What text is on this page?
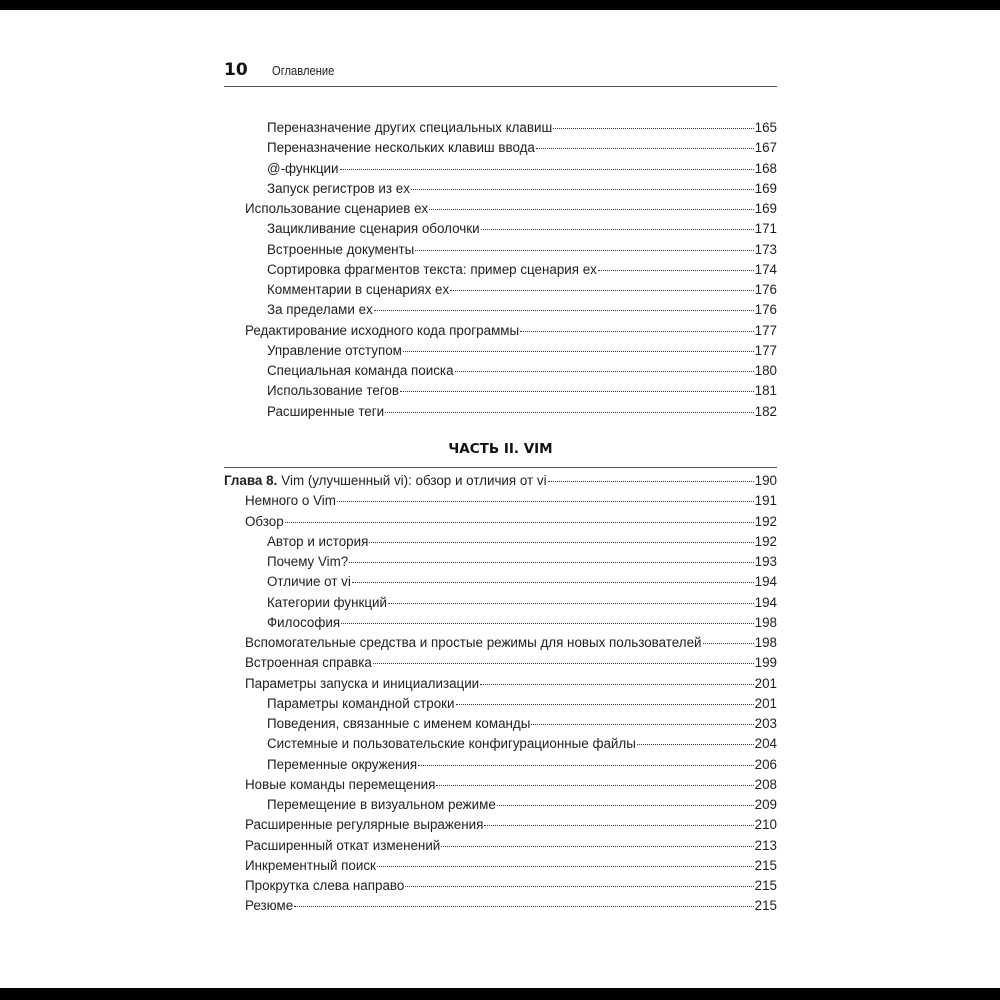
10 Оглавление
Переназначение других специальных клавиш	165
Переназначение нескольких клавиш ввода	167
@-функции	168
Запуск регистров из ex	169
Использование сценариев ex	169
Зацикливание сценария оболочки	171
Встроенные документы	173
Сортировка фрагментов текста: пример сценария ex	174
Комментарии в сценариях ex	176
За пределами ex	176
Редактирование исходного кода программы	177
Управление отступом	177
Специальная команда поиска	180
Использование тегов	181
Расширенные теги	182
ЧАСТЬ II. VIM
Глава 8. Vim (улучшенный vi): обзор и отличия от vi	190
Немного о Vim	191
Обзор	192
Автор и история	192
Почему Vim?	193
Отличие от vi	194
Категории функций	194
Философия	198
Вспомогательные средства и простые режимы для новых пользователей	198
Встроенная справка	199
Параметры запуска и инициализации	201
Параметры командной строки	201
Поведения, связанные с именем команды	203
Системные и пользовательские конфигурационные файлы	204
Переменные окружения	206
Новые команды перемещения	208
Перемещение в визуальном режиме	209
Расширенные регулярные выражения	210
Расширенный откат изменений	213
Инкрементный поиск	215
Прокрутка слева направо	215
Резюме	215
